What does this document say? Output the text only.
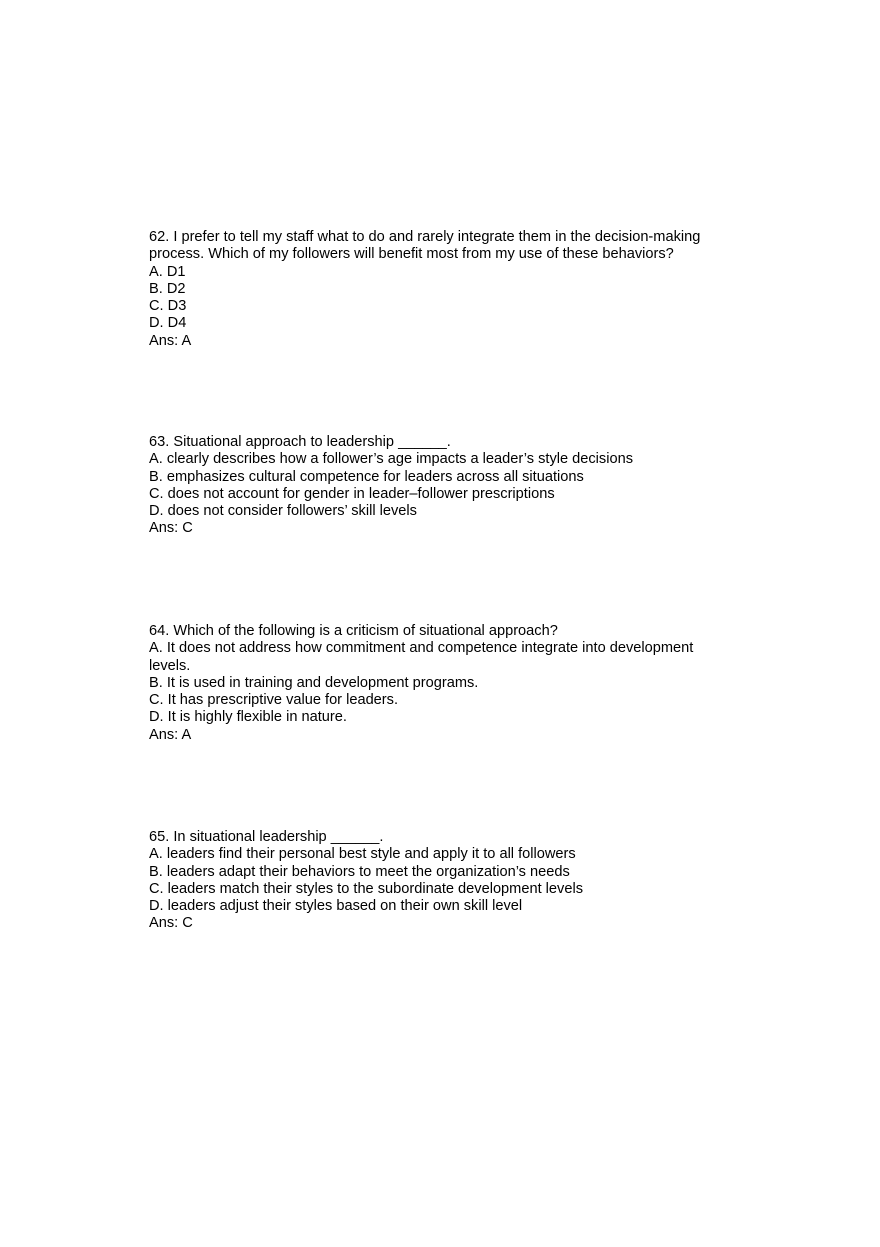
62. I prefer to tell my staff what to do and rarely integrate them in the decision-making
process. Which of my followers will benefit most from my use of these behaviors?
A. D1
B. D2
C. D3
D. D4
Ans: A
63. Situational approach to leadership ______.
A. clearly describes how a follower’s age impacts a leader’s style decisions
B. emphasizes cultural competence for leaders across all situations
C. does not account for gender in leader–follower prescriptions
D. does not consider followers’ skill levels
Ans: C
64. Which of the following is a criticism of situational approach?
A. It does not address how commitment and competence integrate into development
levels.
B. It is used in training and development programs.
C. It has prescriptive value for leaders.
D. It is highly flexible in nature.
Ans: A
65. In situational leadership ______.
A. leaders find their personal best style and apply it to all followers
B. leaders adapt their behaviors to meet the organization’s needs
C. leaders match their styles to the subordinate development levels
D. leaders adjust their styles based on their own skill level
Ans: C
